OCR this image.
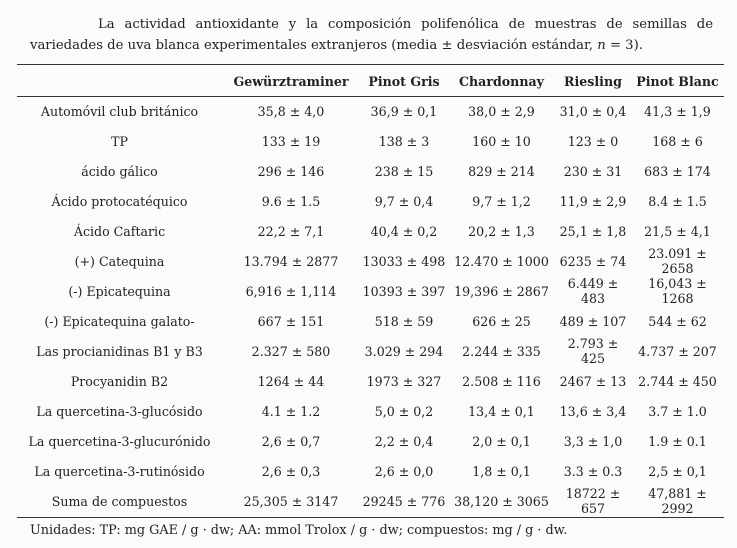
La actividad antioxidante y la composición polifenólica de muestras de semillas de variedades de uva blanca experimentales extranjeros (media ± desviación estándar, n = 3).
	Gewürztraminer	Pinot Gris	Chardonnay	Riesling	Pinot Blanc
Automóvil club británico	35,8 ± 4,0	36,9 ± 0,1	38,0 ± 2,9	31,0 ± 0,4	41,3 ± 1,9
TP	133 ± 19	138 ± 3	160 ± 10	123 ± 0	168 ± 6
ácido gálico	296 ± 146	238 ± 15	829 ± 214	230 ± 31	683 ± 174
Ácido protocatéquico	9.6 ± 1.5	9,7 ± 0,4	9,7 ± 1,2	11,9 ± 2,9	8.4 ± 1.5
Ácido Caftaric	22,2 ± 7,1	40,4 ± 0,2	20,2 ± 1,3	25,1 ± 1,8	21,5 ± 4,1
(+) Catequina	13.794 ± 2877	13033 ± 498	12.470 ± 1000	6235 ± 74	23.091 ± 2658
(-) Epicatequina	6,916 ± 1,114	10393 ± 397	19,396 ± 2867	6.449 ± 483	16,043 ± 1268
(-) Epicatequina galato-	667 ± 151	518 ± 59	626 ± 25	489 ± 107	544 ± 62
Las procianidinas B1 y B3	2.327 ± 580	3.029 ± 294	2.244 ± 335	2.793 ± 425	4.737 ± 207
Procyanidin B2	1264 ± 44	1973 ± 327	2.508 ± 116	2467 ± 13	2.744 ± 450
La quercetina-3-glucósido	4.1 ± 1.2	5,0 ± 0,2	13,4 ± 0,1	13,6 ± 3,4	3.7 ± 1.0
La quercetina-3-glucurónido	2,6 ± 0,7	2,2 ± 0,4	2,0 ± 0,1	3,3 ± 1,0	1.9 ± 0.1
La quercetina-3-rutinósido	2,6 ± 0,3	2,6 ± 0,0	1,8 ± 0,1	3.3 ± 0.3	2,5 ± 0,1
Suma de compuestos	25,305 ± 3147	29245 ± 776	38,120 ± 3065	18722 ± 657	47,881 ± 2992
Unidades: TP: mg GAE / g · dw; AA: mmol Trolox / g · dw; compuestos: mg / g · dw.
